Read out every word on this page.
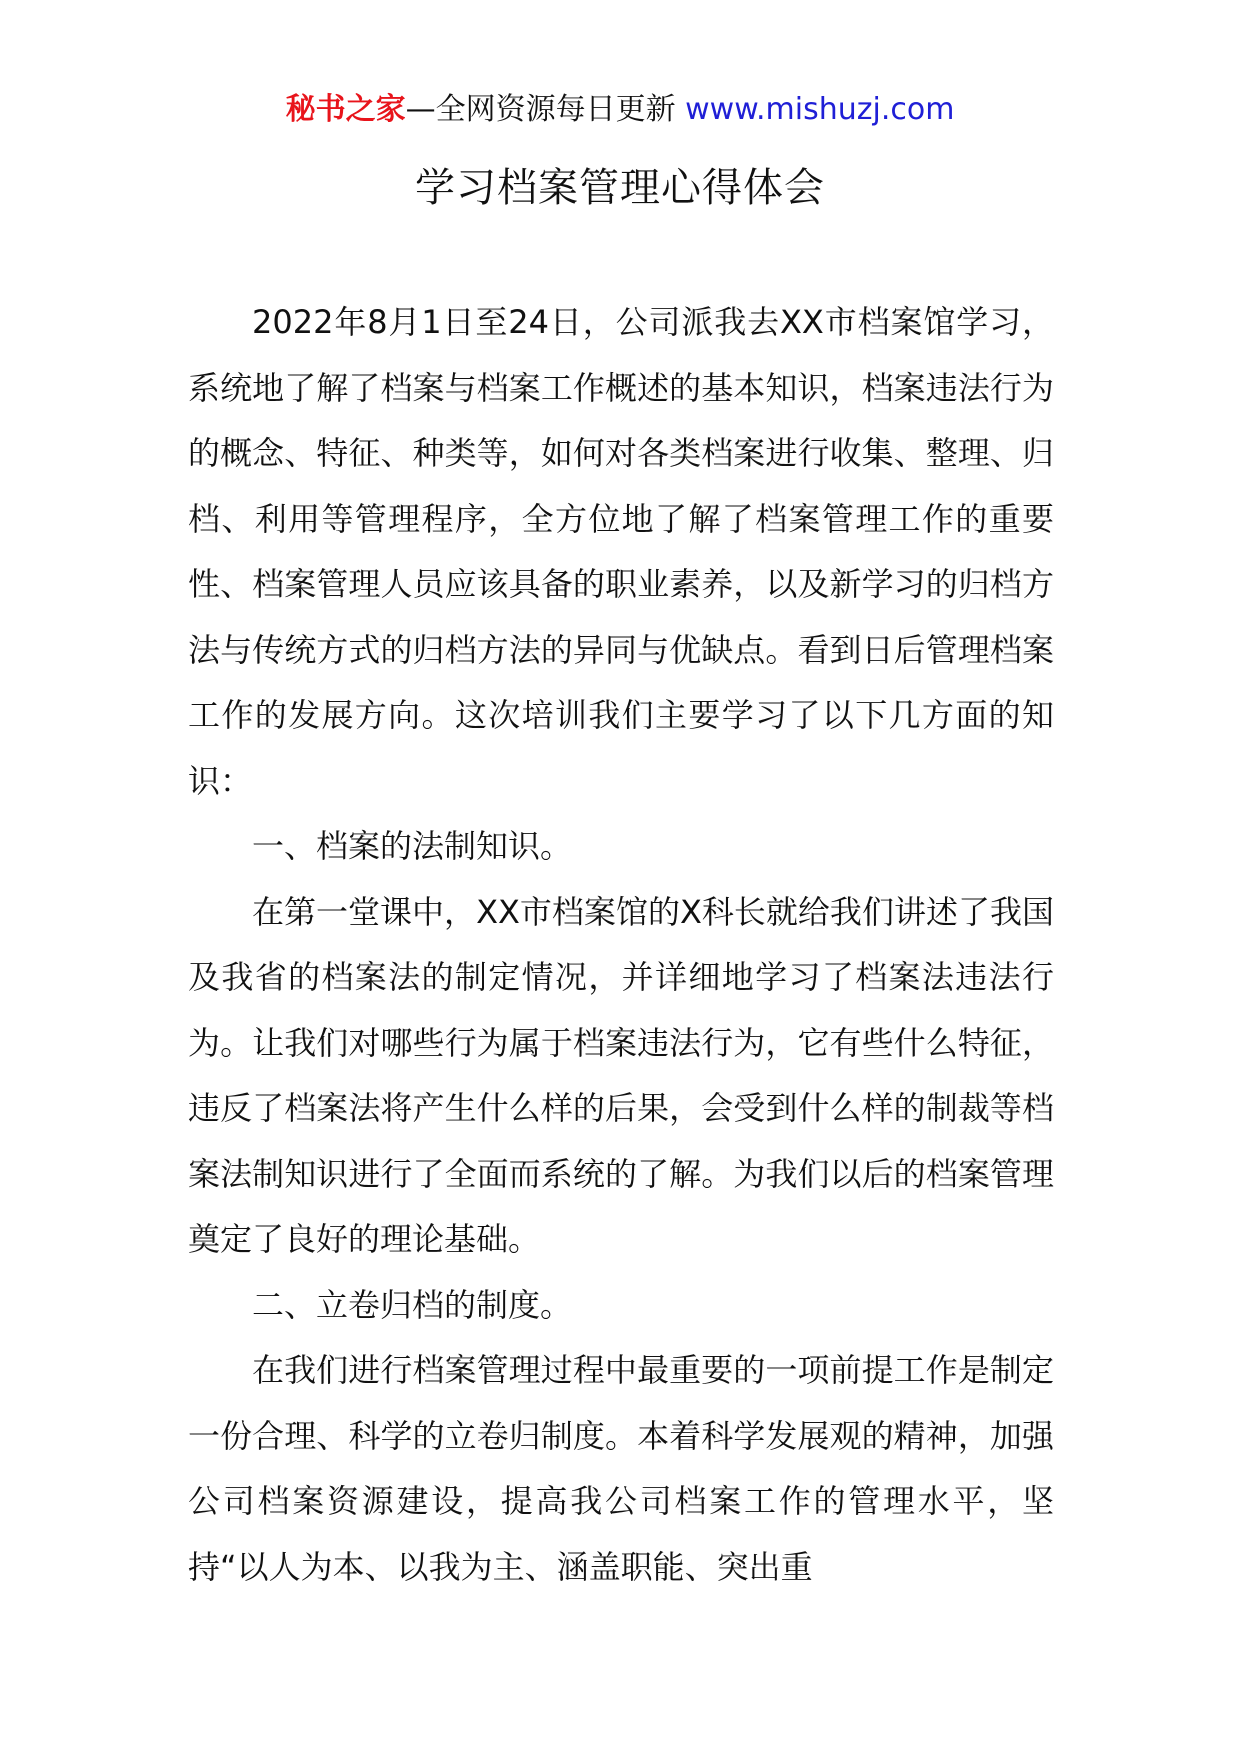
秘书之家—全网资源每日更新 www.mishuzj.com
学习档案管理心得体会

2022年8月1日至24日，公司派我去XX市档案馆学习，系统地了解了档案与档案工作概述的基本知识，档案违法行为的概念、特征、种类等，如何对各类档案进行收集、整理、归档、利用等管理程序，全方位地了解了档案管理工作的重要性、档案管理人员应该具备的职业素养，以及新学习的归档方法与传统方式的归档方法的异同与优缺点。看到日后管理档案工作的发展方向。这次培训我们主要学习了以下几方面的知识：

一、档案的法制知识。

在第一堂课中，XX市档案馆的X科长就给我们讲述了我国及我省的档案法的制定情况，并详细地学习了档案法违法行为。让我们对哪些行为属于档案违法行为，它有些什么特征，违反了档案法将产生什么样的后果，会受到什么样的制裁等档案法制知识进行了全面而系统的了解。为我们以后的档案管理奠定了良好的理论基础。

二、立卷归档的制度。

在我们进行档案管理过程中最重要的一项前提工作是制定一份合理、科学的立卷归制度。本着科学发展观的精神，加强公司档案资源建设，提高我公司档案工作的管理水平，坚持“以人为本、以我为主、涵盖职能、突出重
